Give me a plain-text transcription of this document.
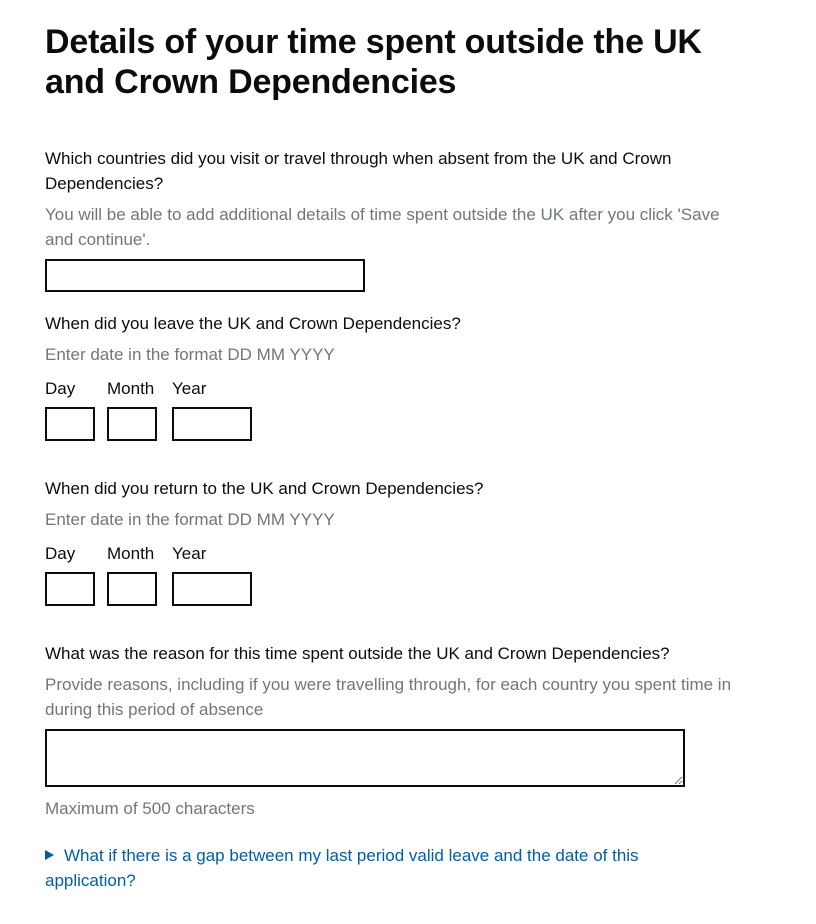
Details of your time spent outside the UK and Crown Dependencies
Which countries did you visit or travel through when absent from the UK and Crown Dependencies?
You will be able to add additional details of time spent outside the UK after you click 'Save and continue'.
When did you leave the UK and Crown Dependencies?
Enter date in the format DD MM YYYY
Day Month Year
When did you return to the UK and Crown Dependencies?
Enter date in the format DD MM YYYY
Day Month Year
What was the reason for this time spent outside the UK and Crown Dependencies?
Provide reasons, including if you were travelling through, for each country you spent time in during this period of absence
Maximum of 500 characters
What if there is a gap between my last period valid leave and the date of this application?
